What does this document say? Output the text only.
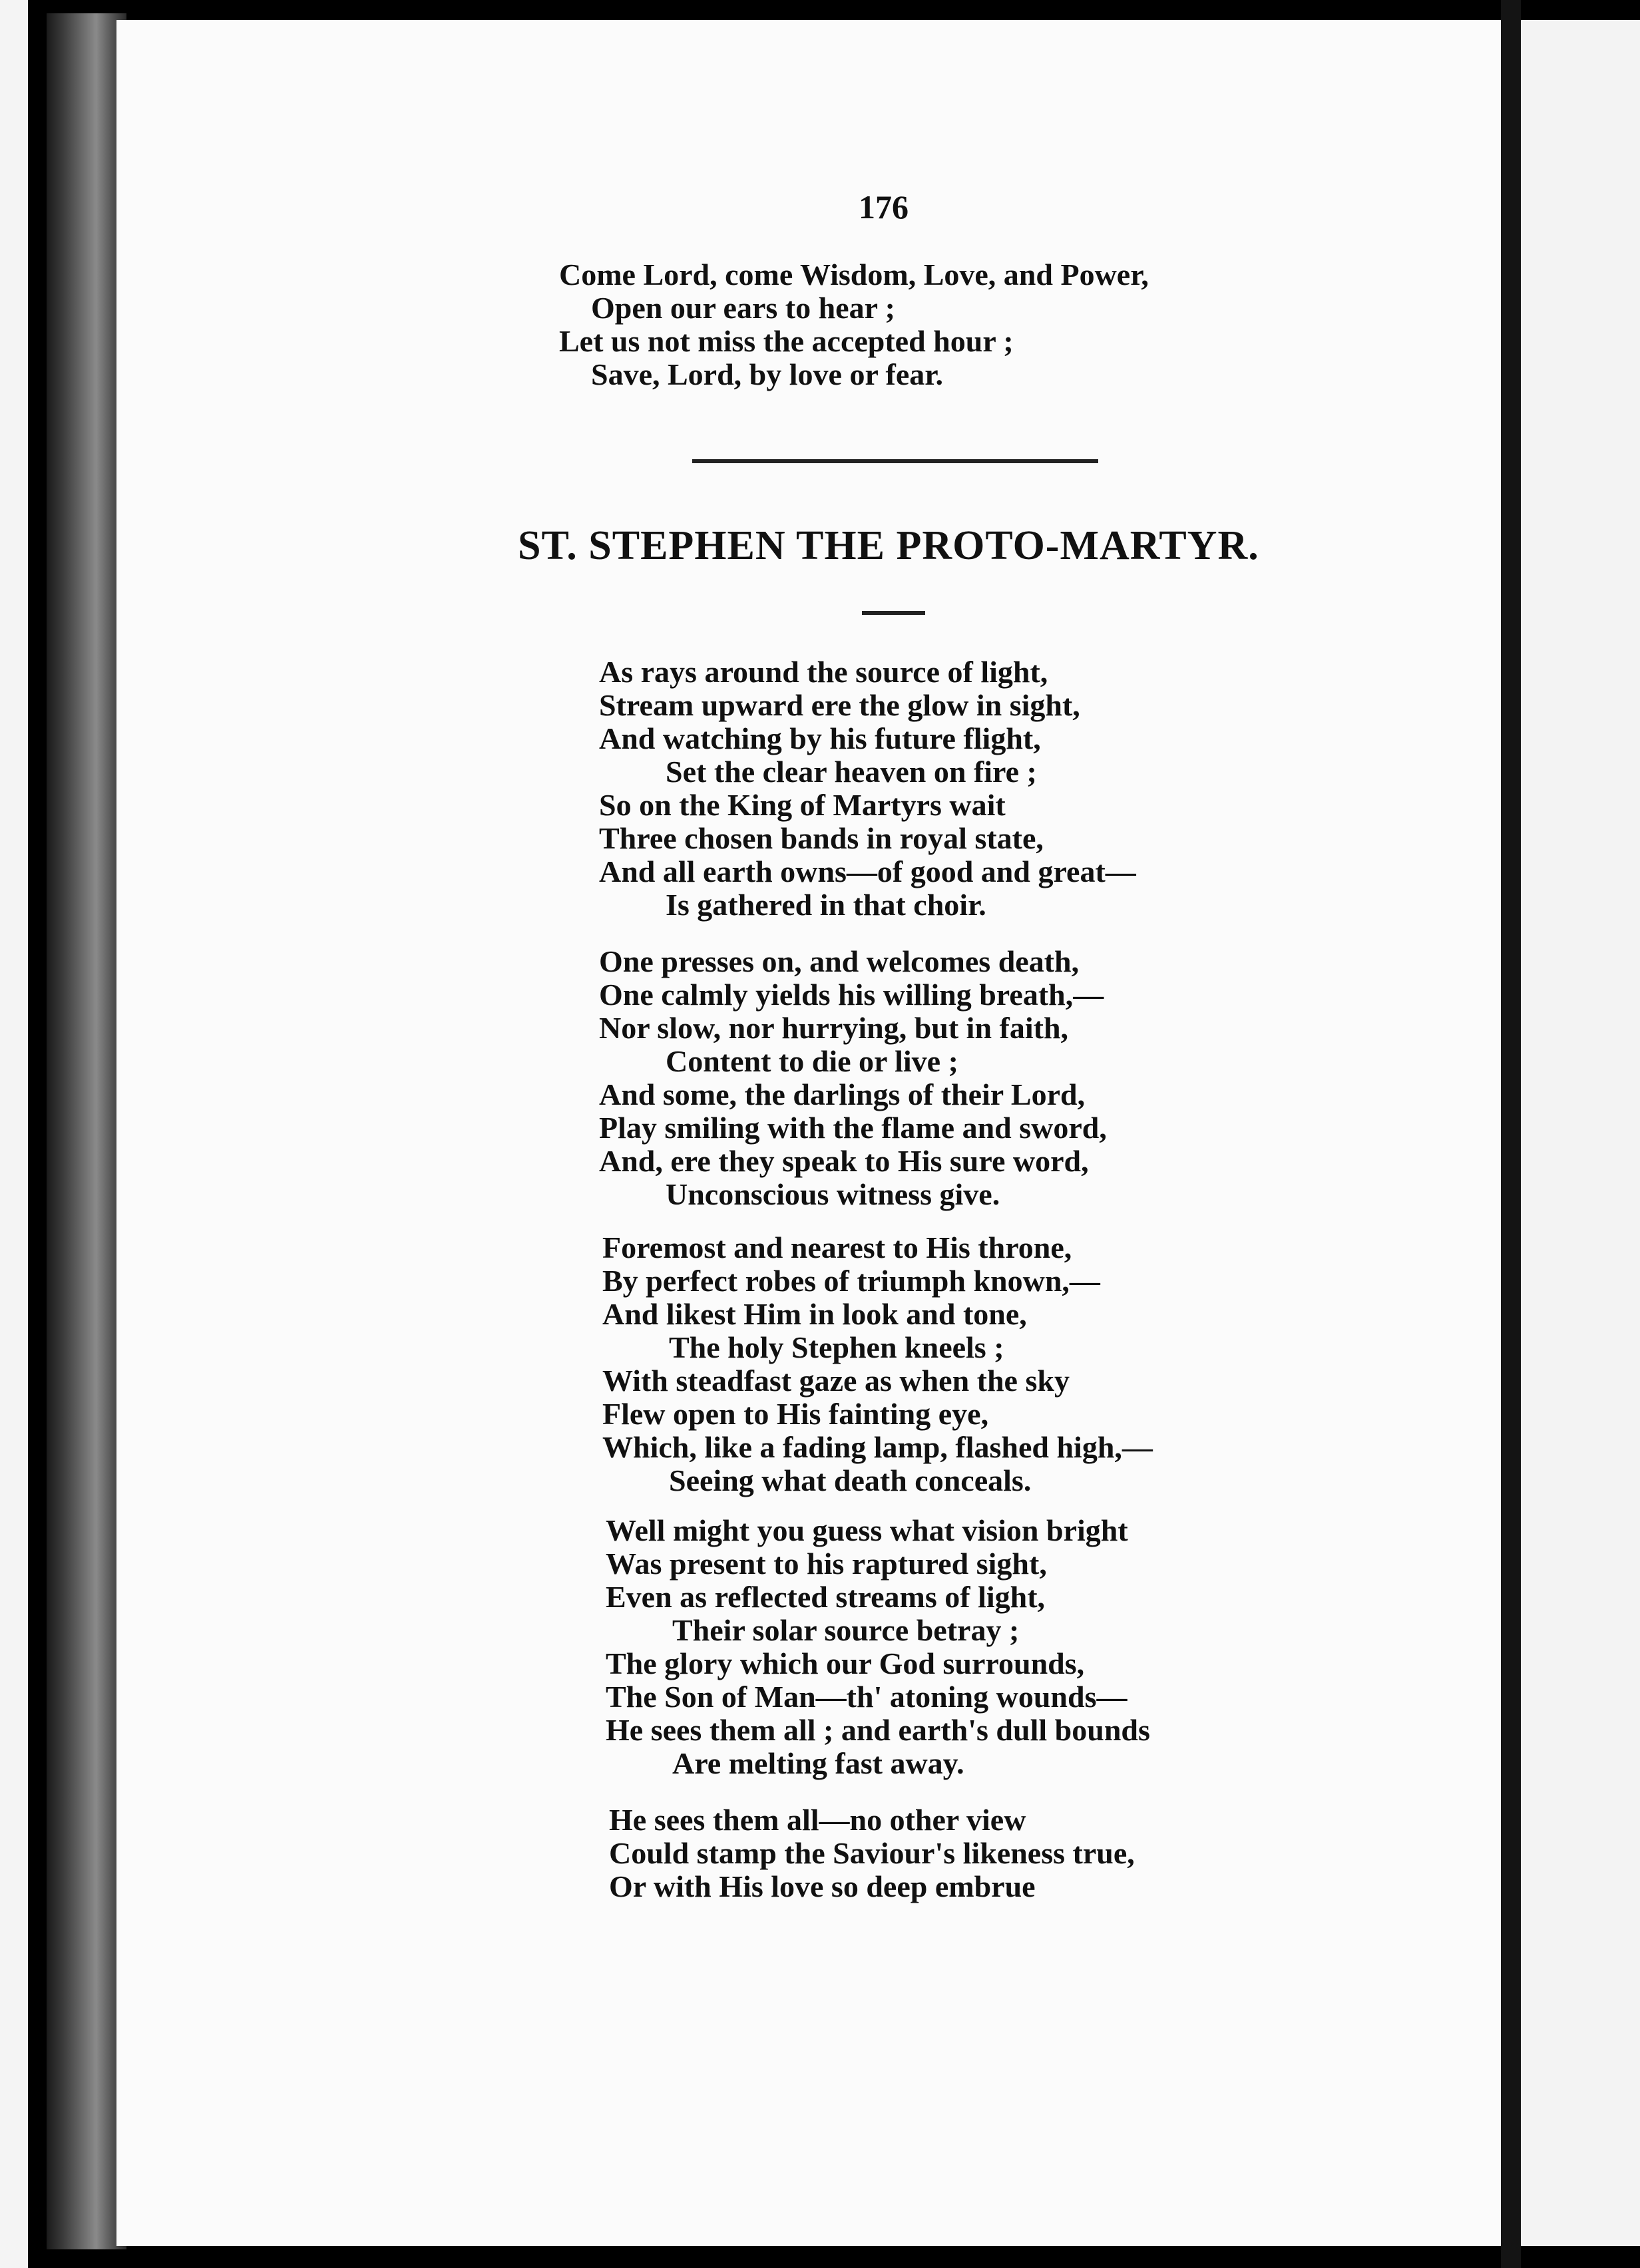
176
Come Lord, come Wisdom, Love, and Power,
Open our ears to hear ;
Let us not miss the accepted hour ;
Save, Lord, by love or fear.
ST. STEPHEN THE PROTO-MARTYR.
As rays around the source of light,
Stream upward ere the glow in sight,
And watching by his future flight,
Set the clear heaven on fire ;
So on the King of Martyrs wait
Three chosen bands in royal state,
And all earth owns—of good and great—
Is gathered in that choir.
One presses on, and welcomes death,
One calmly yields his willing breath,—
Nor slow, nor hurrying, but in faith,
Content to die or live ;
And some, the darlings of their Lord,
Play smiling with the flame and sword,
And, ere they speak to His sure word,
Unconscious witness give.
Foremost and nearest to His throne,
By perfect robes of triumph known,—
And likest Him in look and tone,
The holy Stephen kneels ;
With steadfast gaze as when the sky
Flew open to His fainting eye,
Which, like a fading lamp, flashed high,—
Seeing what death conceals.
Well might you guess what vision bright
Was present to his raptured sight,
Even as reflected streams of light,
Their solar source betray ;
The glory which our God surrounds,
The Son of Man—th' atoning wounds—
He sees them all ; and earth's dull bounds
Are melting fast away.
He sees them all—no other view
Could stamp the Saviour's likeness true,
Or with His love so deep embrue
